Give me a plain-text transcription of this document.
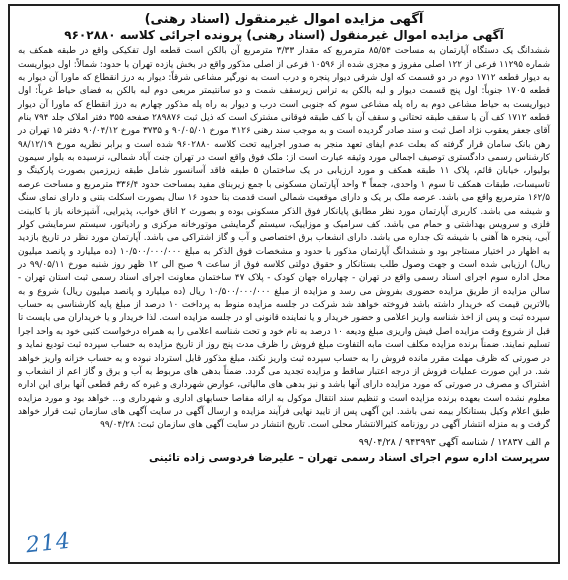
آگهی مزایده اموال غیرمنقول (اسناد رهنی)
آگهی مزایده اموال غیرمنقول (اسناد رهنی) پرونده اجرائی کلاسه ۹۶۰۲۸۸۰

ششدانگ یک دستگاه آپارتمان به مساحت ۸۵/۵۴ مترمربع که مقدار ۳/۳۳ مترمربع آن بالکن است قطعه اول تفکیکی واقع در طبقه همکف به شماره ۱۱۲۹۵ فرعی از ۱۲۲ اصلی مفروز و مجزی شده از ۱۰۵۹۶ فرعی از اصلی مذکور واقع در بخش یازده تهران با حدود: شمالاً: اول دیواریست به دیوار قطعه ۱۷۱۲ دوم در دو قسمت که اول شرقی دیوار پنجره و درب است به نورگیر مشاعی شرقاً: دیوار به درز انقطاع که ماورا آن دیوار به قطعه ۱۷۰۵ جنوباً: اول پنج قسمت دیوار و لبه بالکن به تراس زیرسقف شمت و دو سانتیمتر مربعی دوم لبه بالکن به فضای حیاط غرباً: اول دیواریست به حیاط مشاعی دوم به راه پله مشاعی سوم که جنوبی است درب و دیوار به راه پله مذکور چهارم به درز انقطاع که ماورا آن دیوار قطعه ۱۷۱۲ کف آن با سقف طبقه تحتانی و سقف آن با کف طبقه فوقانی مشترک است که ذیل ثبت ۲۸۹۸۷۶ صفحه ۳۵۵ دفتر املاک جلد ۷۹۴ بنام آقای جعفر یعقوب نژاد اصل ثبت و سند صادر گردیده است و به موجب سند رهنی ۴۱۲۶ مورخ ۹۰/۰۵/۰۱ و ۳۷۳۵ مورخ ۹۰/۰۴/۱۲ دفتر ۱۵ تهران در رهن بانک سامان قرار گرفته که بعلت عدم ایفای تعهد منجر به صدور اجراییه تحت کلاسه ۹۶۰۲۸۸۰ شده است و برابر نظریه مورخ ۹۸/۱۲/۱۹ کارشناس رسمی دادگستری توصیف اجمالی مورد وثیقه عبارت است از: ملک فوق واقع است در تهران جنت آباد شمالی، نرسیده به بلوار سیمون بولیوار، خیابان قائم، پلاک ۱۱ طبقه همکف و مورد ارزیابی در یک ساختمان ۵ طبقه فاقد آسانسور شامل طبقه زیرزمین بصورت پارکینگ و تاسیسات، طبقات همکف تا سوم ۱ واحدی، جمعاً ۴ واحد آپارتمان مسکونی با جمع زیربنای مفید بمساحت حدود ۳۳۶/۴ مترمربع و مساحت عرصه ۱۶۲/۵ مترمربع واقع می باشد. عرصه ملک بر یک و دارای موقعیت شمالی است قدمت بنا حدود ۱۶ سال بصورت اسکلت بتنی و دارای نمای سنگ و شیشه می باشد. کاربری آپارتمان مورد نظر مطابق پایانکار فوق الذکر مسکونی بوده و بصورت ۲ اتاق خواب، پذیرایی، آشپزخانه باز با کابینت فلزی و سرویس بهداشتی و حمام می باشد. کف سرامیک و موزاییک، سیستم گرمایشی موتورخانه مرکزی و رادیاتور، سیستم سرمایشی کولر آبی، پنجره ها آهنی با شیشه تک جداره می باشد. دارای انشعاب برق اختصاصی و آب و گاز اشتراکی می باشد. آپارتمان مورد نظر در تاریخ بازدید به اظهار در اختیار مستاجر بود و ششدانگ آپارتمان مذکور با حدود و مشخصات فوق الذکر به مبلغ ۱۰/۵۰۰/۰۰۰/۰۰۰ (ده میلیارد و پانصد میلیون ریال) ارزیابی شده است و جهت وصول طلب بستانکار و حقوق دولتی کلاسه فوق از ساعت ۹ صبح الی ۱۲ ظهر روز شنبه مورخ ۹۹/۰۵/۱۱ در محل اداره سوم اجرای اسناد رسمی واقع در تهران - چهارراه جهان کودک - پلاک ۴۷ ساختمان معاونت اجرای اسناد رسمی ثبت استان تهران - سالن مزایده از طریق مزایده حضوری بفروش می رسد و مزایده از مبلغ ۱۰/۵۰۰/۰۰۰/۰۰۰ ریال (ده میلیارد و پانصد میلیون ریال) شروع و به بالاترین قیمت که خریدار داشته باشد فروخته خواهد شد شرکت در جلسه مزایده منوط به پرداخت ۱۰ درصد از مبلغ پایه کارشناسی به حساب سپرده ثبت و پس از اخذ شناسه واریز اعلامی و حضور خریدار و یا نماینده قانونی او در جلسه مزایده است. لذا خریدار و یا خریداران می بایست تا قبل از شروع وقت مزایده اصل فیش واریزی مبلغ ودیعه ۱۰ درصد به نام خود و تحت شناسه اعلامی را به همراه درخواست کتبی خود به واحد اجرا تسلیم نمایند. ضمناً برنده مزایده مکلف است مابه التفاوت مبلغ فروش را ظرف مدت پنج روز از تاریخ مزایده به حساب سپرده ثبت تودیع نماید و در صورتی که ظرف مهلت مقرر مانده فروش را به حساب سپرده ثبت واریز نکند، مبلغ مذکور قابل استرداد نبوده و به حساب خزانه واریز خواهد شد. در این صورت عملیات فروش از درجه اعتبار ساقط و مزایده تجدید می گردد. ضمناً بدهی های مربوط به آب و برق و گاز اعم از انشعاب و اشتراک و مصرف در صورتی که مورد مزایده دارای آنها باشد و نیز بدهی های مالیاتی، عوارض شهرداری و غیره که رقم قطعی آنها برای این اداره معلوم نشده است بعهده برنده مزایده است و تنظیم سند انتقال موکول به ارائه مفاصا حسابهای اداری و شهرداری و... خواهد بود و مورد مزایده طبق اعلام وکیل بستانکار بیمه نمی باشد. این آگهی پس از تایید نهایی فرآیند مزایده و ارسال آگهی در سایت آگهی های سازمان ثبت قرار خواهد گرفت و به منزله انتشار آگهی در روزنامه کثیرالانتشار محلی است. تاریخ انتشار در سایت آگهی های سازمان ثبت: ۹۹/۰۴/۲۸

م الف ۱۲۸۳۷ / شناسه آگهی ۹۴۳۹۹۳ / ۹۹/۰۴/۲۸
سرپرست اداره سوم اجرای اسناد رسمی تهران – علیرضا فردوسی زاده تائینی
214
